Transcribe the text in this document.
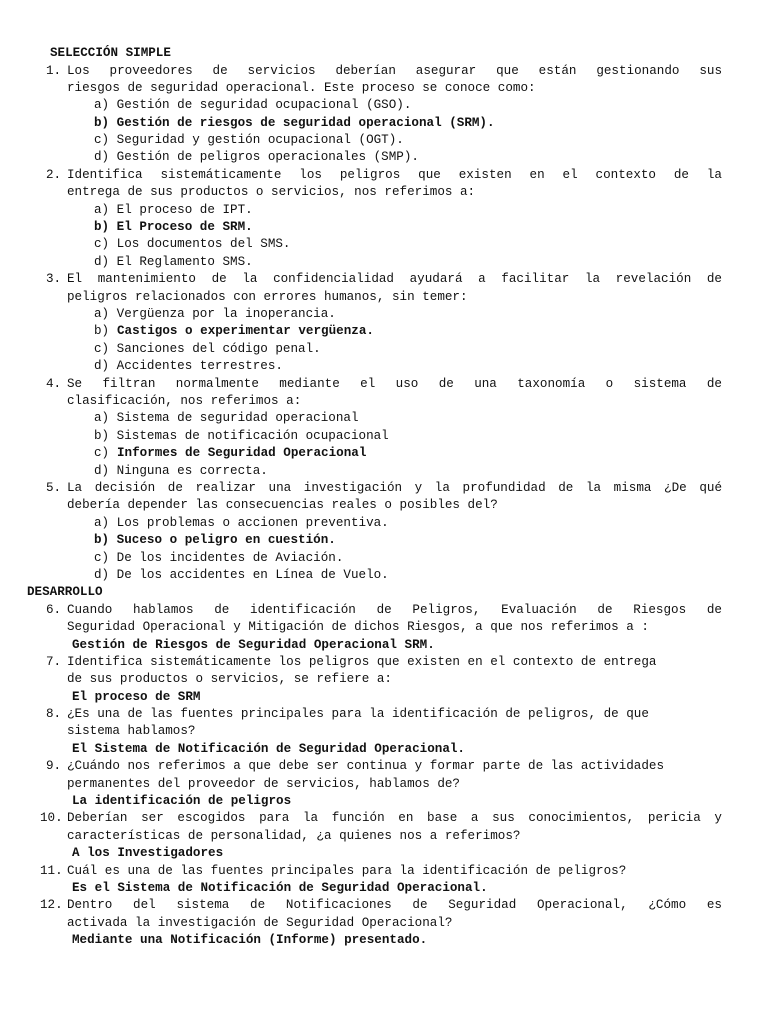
SELECCIÓN SIMPLE
1. Los proveedores de servicios deberían asegurar que están gestionando sus
riesgos de seguridad operacional. Este proceso se conoce como:
a) Gestión de seguridad ocupacional (GSO).
b) Gestión de riesgos de seguridad operacional (SRM).
c) Seguridad y gestión ocupacional (OGT).
d) Gestión de peligros operacionales (SMP).
2. Identifica sistemáticamente los peligros que existen en el contexto de la
entrega de sus productos o servicios, nos referimos a:
a) El proceso de IPT.
b) El Proceso de SRM.
c) Los documentos del SMS.
d) El Reglamento SMS.
3. El mantenimiento de la confidencialidad ayudará a facilitar la revelación de
peligros relacionados con errores humanos, sin temer:
a) Vergüenza por la inoperancia.
b) Castigos o experimentar vergüenza.
c) Sanciones del código penal.
d) Accidentes terrestres.
4. Se filtran normalmente mediante el uso de una taxonomía o sistema de
clasificación, nos referimos a:
a) Sistema de seguridad operacional
b) Sistemas de notificación ocupacional
c) Informes de Seguridad Operacional
d) Ninguna es correcta.
5. La decisión de realizar una investigación y la profundidad de la misma ¿De qué
debería depender las consecuencias reales o posibles del?
a) Los problemas o accionen preventiva.
b) Suceso o peligro en cuestión.
c) De los incidentes de Aviación.
d) De los accidentes en Línea de Vuelo.
DESARROLLO
6. Cuando hablamos de identificación de Peligros, Evaluación de Riesgos de
Seguridad Operacional y Mitigación de dichos Riesgos, a que nos referimos a :
Gestión de Riesgos de Seguridad Operacional SRM.
7. Identifica sistemáticamente los peligros que existen en el contexto de entrega
de sus productos o servicios, se refiere a:
El proceso de SRM
8. ¿Es una de las fuentes principales para la identificación de peligros, de que
sistema hablamos?
El Sistema de Notificación de Seguridad Operacional.
9. ¿Cuándo nos referimos a que debe ser continua y formar parte de las actividades
permanentes del proveedor de servicios, hablamos de?
La identificación de peligros
10. Deberían ser escogidos para la función en base a sus conocimientos, pericia y
características de personalidad, ¿a quienes nos a referimos?
A los Investigadores
11. Cuál es una de las fuentes principales para la identificación de peligros?
Es el Sistema de Notificación de Seguridad Operacional.
12. Dentro del sistema de Notificaciones de Seguridad Operacional, ¿Cómo es
activada la investigación de Seguridad Operacional?
Mediante una Notificación (Informe) presentado.
